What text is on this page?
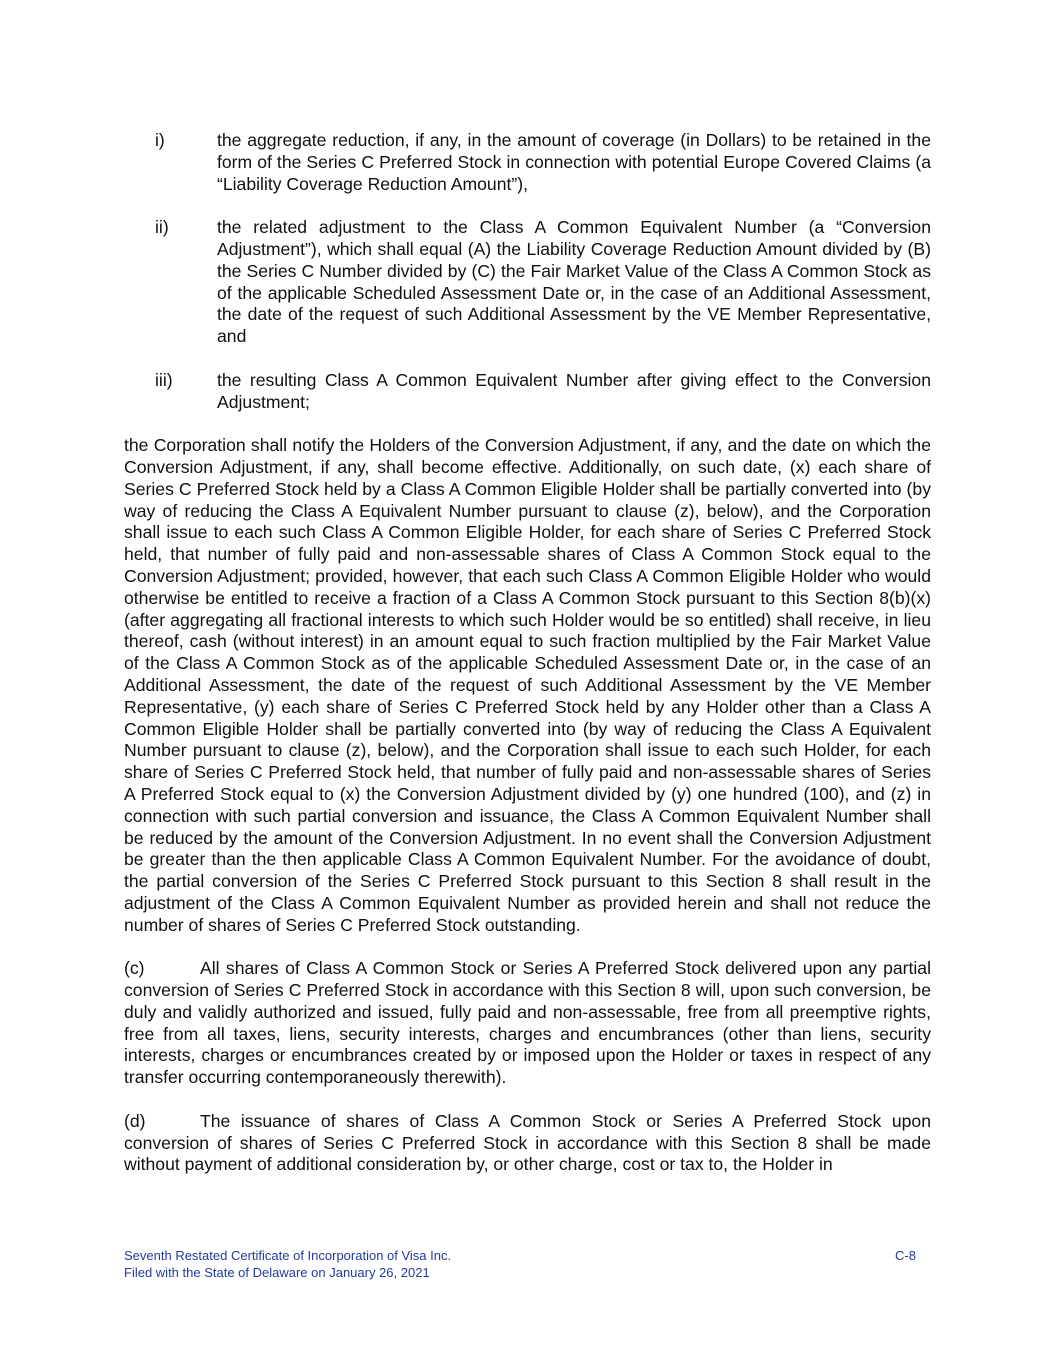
i)	the aggregate reduction, if any, in the amount of coverage (in Dollars) to be retained in the form of the Series C Preferred Stock in connection with potential Europe Covered Claims (a “Liability Coverage Reduction Amount”),
ii)	the related adjustment to the Class A Common Equivalent Number (a “Conversion Adjustment”), which shall equal (A) the Liability Coverage Reduction Amount divided by (B) the Series C Number divided by (C) the Fair Market Value of the Class A Common Stock as of the applicable Scheduled Assessment Date or, in the case of an Additional Assessment, the date of the request of such Additional Assessment by the VE Member Representative, and
iii)	the resulting Class A Common Equivalent Number after giving effect to the Conversion Adjustment;

the Corporation shall notify the Holders of the Conversion Adjustment, if any, and the date on which the Conversion Adjustment, if any, shall become effective. Additionally, on such date, (x) each share of Series C Preferred Stock held by a Class A Common Eligible Holder shall be partially converted into (by way of reducing the Class A Equivalent Number pursuant to clause (z), below), and the Corporation shall issue to each such Class A Common Eligible Holder, for each share of Series C Preferred Stock held, that number of fully paid and non-assessable shares of Class A Common Stock equal to the Conversion Adjustment; provided, however, that each such Class A Common Eligible Holder who would otherwise be entitled to receive a fraction of a Class A Common Stock pursuant to this Section 8(b)(x) (after aggregating all fractional interests to which such Holder would be so entitled) shall receive, in lieu thereof, cash (without interest) in an amount equal to such fraction multiplied by the Fair Market Value of the Class A Common Stock as of the applicable Scheduled Assessment Date or, in the case of an Additional Assessment, the date of the request of such Additional Assessment by the VE Member Representative, (y) each share of Series C Preferred Stock held by any Holder other than a Class A Common Eligible Holder shall be partially converted into (by way of reducing the Class A Equivalent Number pursuant to clause (z), below), and the Corporation shall issue to each such Holder, for each share of Series C Preferred Stock held, that number of fully paid and non-assessable shares of Series A Preferred Stock equal to (x) the Conversion Adjustment divided by (y) one hundred (100), and (z) in connection with such partial conversion and issuance, the Class A Common Equivalent Number shall be reduced by the amount of the Conversion Adjustment. In no event shall the Conversion Adjustment be greater than the then applicable Class A Common Equivalent Number. For the avoidance of doubt, the partial conversion of the Series C Preferred Stock pursuant to this Section 8 shall result in the adjustment of the Class A Common Equivalent Number as provided herein and shall not reduce the number of shares of Series C Preferred Stock outstanding.

(c)	All shares of Class A Common Stock or Series A Preferred Stock delivered upon any partial conversion of Series C Preferred Stock in accordance with this Section 8 will, upon such conversion, be duly and validly authorized and issued, fully paid and non-assessable, free from all preemptive rights, free from all taxes, liens, security interests, charges and encumbrances (other than liens, security interests, charges or encumbrances created by or imposed upon the Holder or taxes in respect of any transfer occurring contemporaneously therewith).

(d)	The issuance of shares of Class A Common Stock or Series A Preferred Stock upon conversion of shares of Series C Preferred Stock in accordance with this Section 8 shall be made without payment of additional consideration by, or other charge, cost or tax to, the Holder in

Seventh Restated Certificate of Incorporation of Visa Inc.	C-8
Filed with the State of Delaware on January 26, 2021
